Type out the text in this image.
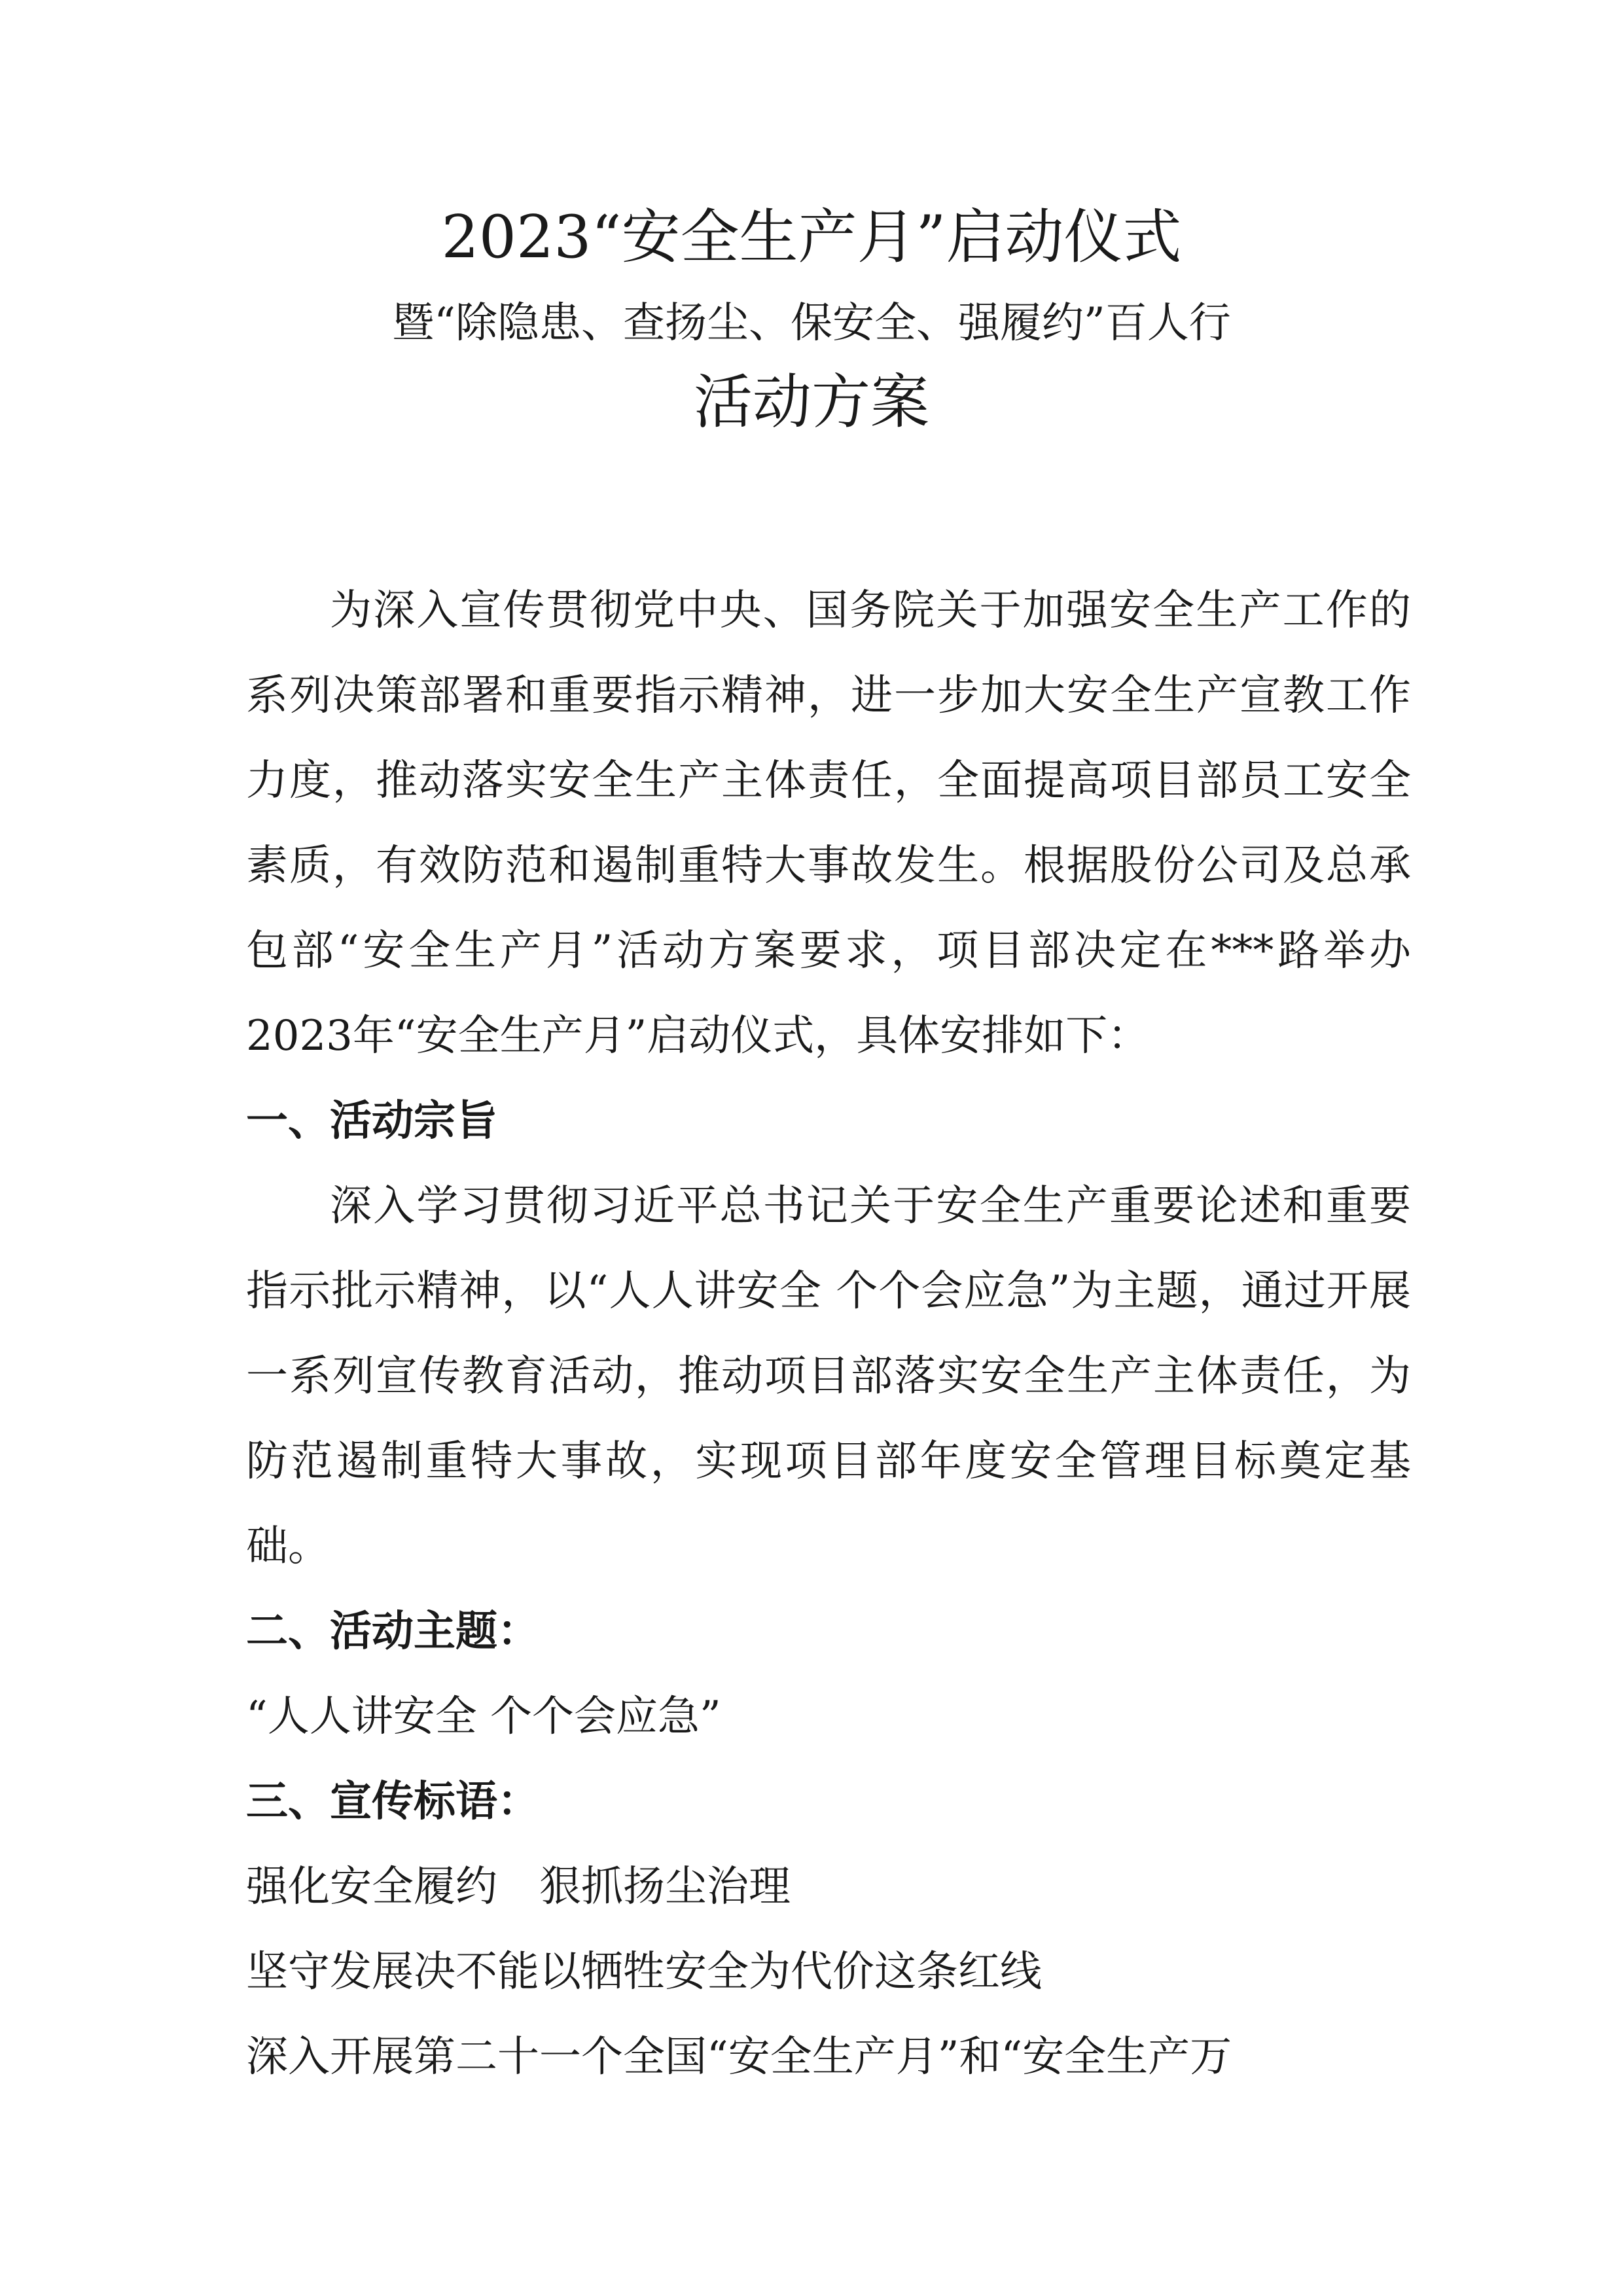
2023“安全生产月”启动仪式
暨“除隐患、查扬尘、保安全、强履约”百人行
活动方案

为深入宣传贯彻党中央、国务院关于加强安全生产工作的系列决策部署和重要指示精神，进一步加大安全生产宣教工作力度，推动落实安全生产主体责任，全面提高项目部员工安全素质，有效防范和遏制重特大事故发生。根据股份公司及总承包部“安全生产月”活动方案要求，项目部决定在***路举办2023年“安全生产月”启动仪式，具体安排如下：

一、活动宗旨

深入学习贯彻习近平总书记关于安全生产重要论述和重要指示批示精神，以“人人讲安全 个个会应急”为主题，通过开展一系列宣传教育活动，推动项目部落实安全生产主体责任，为防范遏制重特大事故，实现项目部年度安全管理目标奠定基础。

二、活动主题：

“人人讲安全 个个会应急”

三、宣传标语：

强化安全履约　狠抓扬尘治理

坚守发展决不能以牺牲安全为代价这条红线

深入开展第二十一个全国“安全生产月”和“安全生产万
